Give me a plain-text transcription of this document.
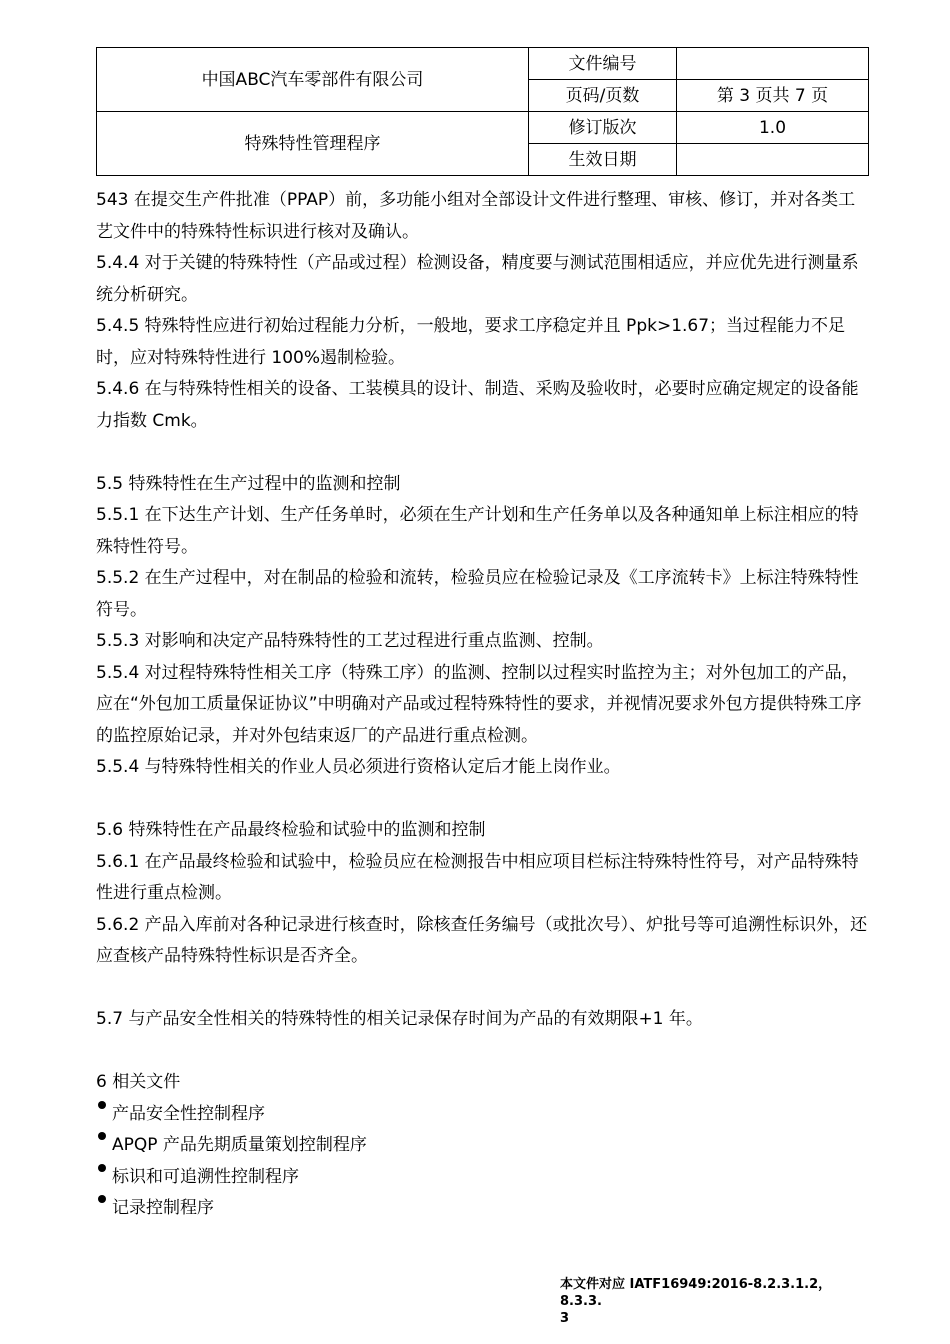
中国ABC汽车零部件有限公司	文件编号	
	页码/页数	第 3 页共 7 页
特殊特性管理程序	修订版次	1.0
	生效日期	

543 在提交生产件批准（PPAP）前，多功能小组对全部设计文件进行整理、审核、修订，并对各类工艺文件中的特殊特性标识进行核对及确认。

5.4.4 对于关键的特殊特性（产品或过程）检测设备，精度要与测试范围相适应，并应优先进行测量系统分析研究。

5.4.5 特殊特性应进行初始过程能力分析，一般地，要求工序稳定并且 Ppk>1.67；当过程能力不足时，应对特殊特性进行 100%遏制检验。

5.4.6 在与特殊特性相关的设备、工装模具的设计、制造、采购及验收时，必要时应确定规定的设备能力指数 Cmk。

5.5 特殊特性在生产过程中的监测和控制

5.5.1 在下达生产计划、生产任务单时，必须在生产计划和生产任务单以及各种通知单上标注相应的特殊特性符号。

5.5.2 在生产过程中，对在制品的检验和流转，检验员应在检验记录及《工序流转卡》上标注特殊特性符号。

5.5.3 对影响和决定产品特殊特性的工艺过程进行重点监测、控制。

5.5.4 对过程特殊特性相关工序（特殊工序）的监测、控制以过程实时监控为主；对外包加工的产品，应在“外包加工质量保证协议”中明确对产品或过程特殊特性的要求，并视情况要求外包方提供特殊工序的监控原始记录，并对外包结束返厂的产品进行重点检测。

5.5.4 与特殊特性相关的作业人员必须进行资格认定后才能上岗作业。

5.6 特殊特性在产品最终检验和试验中的监测和控制

5.6.1 在产品最终检验和试验中，检验员应在检测报告中相应项目栏标注特殊特性符号，对产品特殊特性进行重点检测。

5.6.2 产品入库前对各种记录进行核查时，除核查任务编号（或批次号）、炉批号等可追溯性标识外，还应查核产品特殊特性标识是否齐全。

5.7 与产品安全性相关的特殊特性的相关记录保存时间为产品的有效期限+1 年。

6 相关文件

产品安全性控制程序
APQP 产品先期质量策划控制程序
标识和可追溯性控制程序
记录控制程序
本文件对应 IATF16949:2016-8.2.3.1.2，8.3.3.
3
